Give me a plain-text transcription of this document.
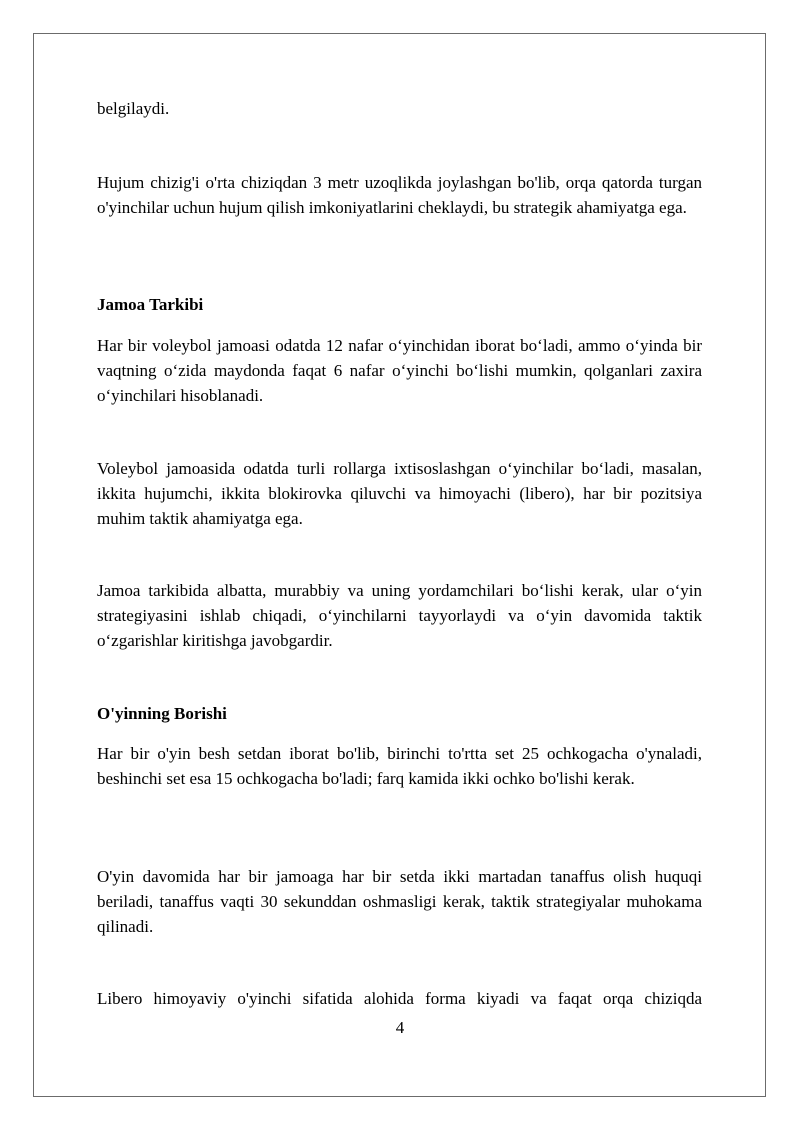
belgilaydi.

Hujum chizig'i o'rta chiziqdan 3 metr uzoqlikda joylashgan bo'lib, orqa qatorda turgan o'yinchilar uchun hujum qilish imkoniyatlarini cheklaydi, bu strategik ahamiyatga ega.

Jamoa Tarkibi

Har bir voleybol jamoasi odatda 12 nafar o‘yinchidan iborat bo‘ladi, ammo o‘yinda bir vaqtning o‘zida maydonda faqat 6 nafar o‘yinchi bo‘lishi mumkin, qolganlari zaxira o‘yinchilari hisoblanadi.

Voleybol jamoasida odatda turli rollarga ixtisoslashgan o‘yinchilar bo‘ladi, masalan, ikkita hujumchi, ikkita blokirovka qiluvchi va himoyachi (libero), har bir pozitsiya muhim taktik ahamiyatga ega.

Jamoa tarkibida albatta, murabbiy va uning yordamchilari bo‘lishi kerak, ular o‘yin strategiyasini ishlab chiqadi, o‘yinchilarni tayyorlaydi va o‘yin davomida taktik o‘zgarishlar kiritishga javobgardir.

O'yinning Borishi

Har bir o'yin besh setdan iborat bo'lib, birinchi to'rtta set 25 ochkogacha o'ynaladi, beshinchi set esa 15 ochkogacha bo'ladi; farq kamida ikki ochko bo'lishi kerak.

O'yin davomida har bir jamoaga har bir setda ikki martadan tanaffus olish huquqi beriladi, tanaffus vaqti 30 sekunddan oshmasligi kerak, taktik strategiyalar muhokama qilinadi.

Libero himoyaviy o'yinchi sifatida alohida forma kiyadi va faqat orqa chiziqda

4
